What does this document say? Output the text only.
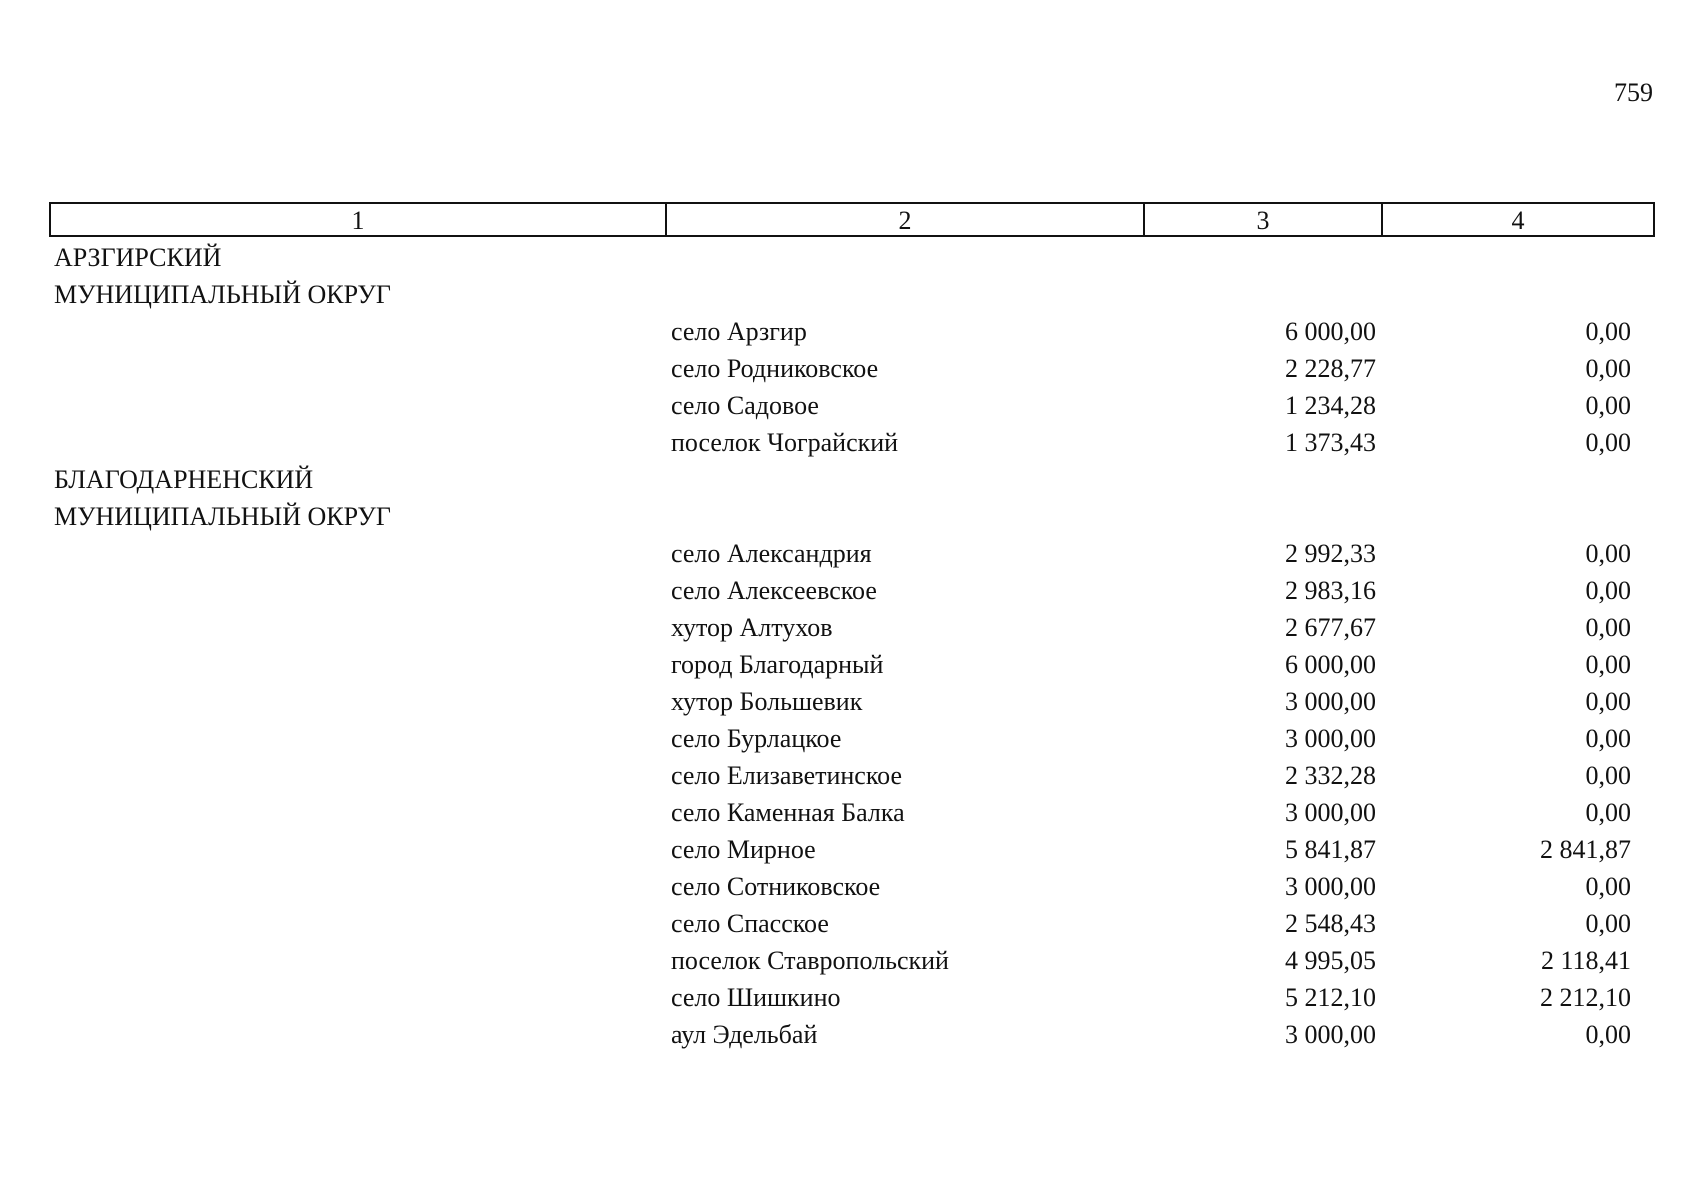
759
1	2	3	4
АРЗГИРСКИЙ
МУНИЦИПАЛЬНЫЙ ОКРУГ
село Арзгир	6 000,00	0,00
село Родниковское	2 228,77	0,00
село Садовое	1 234,28	0,00
поселок Чограйский	1 373,43	0,00
БЛАГОДАРНЕНСКИЙ
МУНИЦИПАЛЬНЫЙ ОКРУГ
село Александрия	2 992,33	0,00
село Алексеевское	2 983,16	0,00
хутор Алтухов	2 677,67	0,00
город Благодарный	6 000,00	0,00
хутор Большевик	3 000,00	0,00
село Бурлацкое	3 000,00	0,00
село Елизаветинское	2 332,28	0,00
село Каменная Балка	3 000,00	0,00
село Мирное	5 841,87	2 841,87
село Сотниковское	3 000,00	0,00
село Спасское	2 548,43	0,00
поселок Ставропольский	4 995,05	2 118,41
село Шишкино	5 212,10	2 212,10
аул Эдельбай	3 000,00	0,00
